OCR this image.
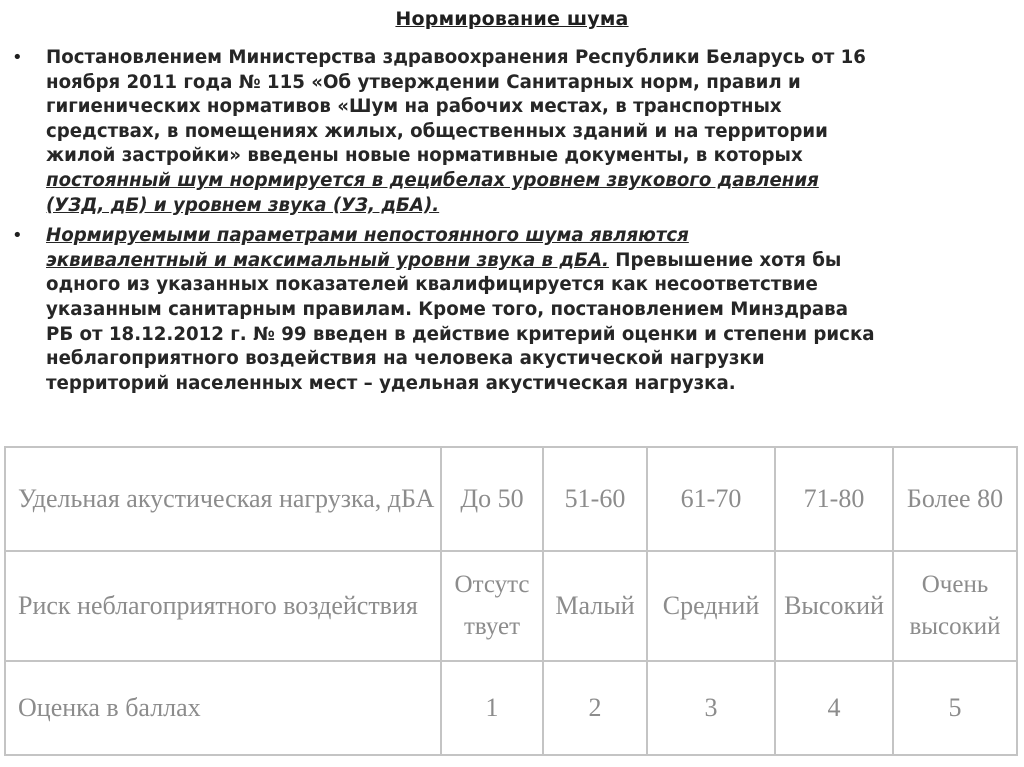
Нормирование шума
•	Постановлением Министерства здравоохранения Республики Беларусь от 16
ноября 2011 года № 115 «Об утверждении Санитарных норм, правил и
гигиенических нормативов «Шум на рабочих местах, в транспортных
средствах, в помещениях жилых, общественных зданий и на территории
жилой застройки» введены новые нормативные документы, в которых
постоянный шум нормируется в децибелах уровнем звукового давления
(УЗД, дБ) и уровнем звука (УЗ, дБА).
•	Нормируемыми параметрами непостоянного шума являются
эквивалентный и максимальный уровни звука в дБА. Превышение хотя бы
одного из указанных показателей квалифицируется как несоответствие
указанным санитарным правилам. Кроме того, постановлением Минздрава
РБ от 18.12.2012 г. № 99 введен в действие критерий оценки и степени риска
неблагоприятного воздействия на человека акустической нагрузки
территорий населенных мест – удельная акустическая нагрузка.
Удельная акустическая нагрузка, дБА	До 50	51-60	61-70	71-80	Более 80
Риск неблагоприятного воздействия	Отсутс твует	Малый	Средний	Высокий	Очень высокий
Оценка в баллах	1	2	3	4	5
